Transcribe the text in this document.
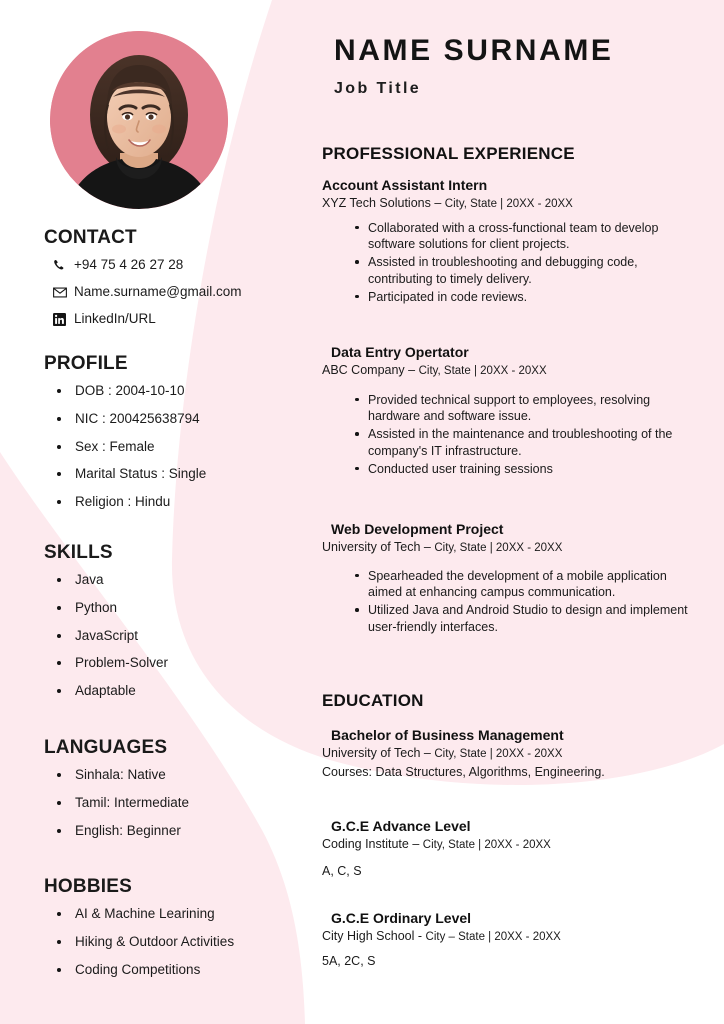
NAME SURNAME
Job Title
CONTACT
+94 75 4 26 27 28
Name.surname@gmail.com
LinkedIn/URL
PROFILE
DOB : 2004-10-10
NIC : 200425638794
Sex : Female
Marital Status : Single
Religion : Hindu
SKILLS
Java
Python
JavaScript
Problem-Solver
Adaptable
LANGUAGES
Sinhala: Native
Tamil: Intermediate
English: Beginner
HOBBIES
AI & Machine Learining
Hiking & Outdoor Activities
Coding Competitions
PROFESSIONAL EXPERIENCE
Account Assistant Intern
XYZ Tech Solutions – City, State | 20XX - 20XX
Collaborated with a cross-functional team to develop software solutions for client projects.
Assisted in troubleshooting and debugging code, contributing to timely delivery.
Participated in code reviews.
Data Entry Opertator
ABC Company – City, State | 20XX - 20XX
Provided technical support to employees, resolving hardware and software issue.
Assisted in the maintenance and troubleshooting of the company's IT infrastructure.
Conducted user training sessions
Web Development Project
University of Tech – City, State | 20XX - 20XX
Spearheaded the development of a mobile application aimed at enhancing campus communication.
Utilized Java and Android Studio to design and implement user-friendly interfaces.
EDUCATION
Bachelor of Business Management
University of Tech – City, State | 20XX - 20XX
Courses: Data Structures, Algorithms, Engineering.
G.C.E Advance Level
Coding Institute – City, State | 20XX - 20XX
A, C, S
G.C.E Ordinary Level
City High School - City – State | 20XX - 20XX
5A, 2C, S
